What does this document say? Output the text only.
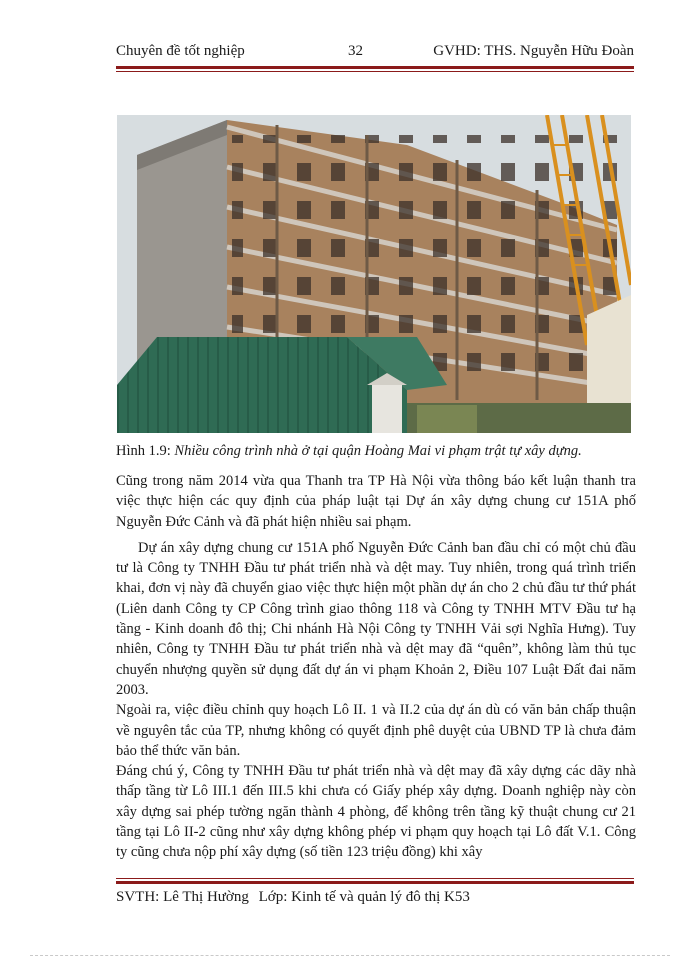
Chuyên đề tốt nghiệp	32	GVHD: THS. Nguyễn Hữu Đoàn
Hình 1.9: Nhiều công trình nhà ở tại quận Hoàng Mai vi phạm trật tự xây dựng.

Cũng trong năm 2014 vừa qua Thanh tra TP Hà Nội vừa thông báo kết luận thanh tra việc thực hiện các quy định của pháp luật tại Dự án xây dựng chung cư 151A phố Nguyễn Đức Cảnh và đã phát hiện nhiều sai phạm.

Dự án xây dựng chung cư 151A phố Nguyễn Đức Cảnh ban đầu chỉ có một chủ đầu tư là Công ty TNHH Đầu tư phát triển nhà và dệt may. Tuy nhiên, trong quá trình triển khai, đơn vị này đã chuyển giao việc thực hiện một phần dự án cho 2 chủ đầu tư thứ phát (Liên danh Công ty CP Công trình giao thông 118 và Công ty TNHH MTV Đầu tư hạ tầng - Kinh doanh đô thị; Chi nhánh Hà Nội Công ty TNHH Vải sợi Nghĩa Hưng). Tuy nhiên, Công ty TNHH Đầu tư phát triển nhà và dệt may đã “quên”, không làm thủ tục chuyển nhượng quyền sử dụng đất dự án vi phạm Khoản 2, Điều 107 Luật Đất đai năm 2003.

Ngoài ra, việc điều chỉnh quy hoạch Lô II. 1 và II.2 của dự án dù có văn bản chấp thuận về nguyên tắc của TP, nhưng không có quyết định phê duyệt của UBND TP là chưa đảm bảo thể thức văn bản.

Đáng chú ý, Công ty TNHH Đầu tư phát triển nhà và dệt may đã xây dựng các dãy nhà thấp tầng từ Lô III.1 đến III.5 khi chưa có Giấy phép xây dựng. Doanh nghiệp này còn xây dựng sai phép tường ngăn thành 4 phòng, để không trên tầng kỹ thuật chung cư 21 tầng tại Lô II-2 cũng như xây dựng không phép vi phạm quy hoạch tại Lô đất V.1. Công ty cũng chưa nộp phí xây dựng (số tiền 123 triệu đồng) khi xây

SVTH: Lê Thị Hường Lớp: Kinh tế và quản lý đô thị K53
